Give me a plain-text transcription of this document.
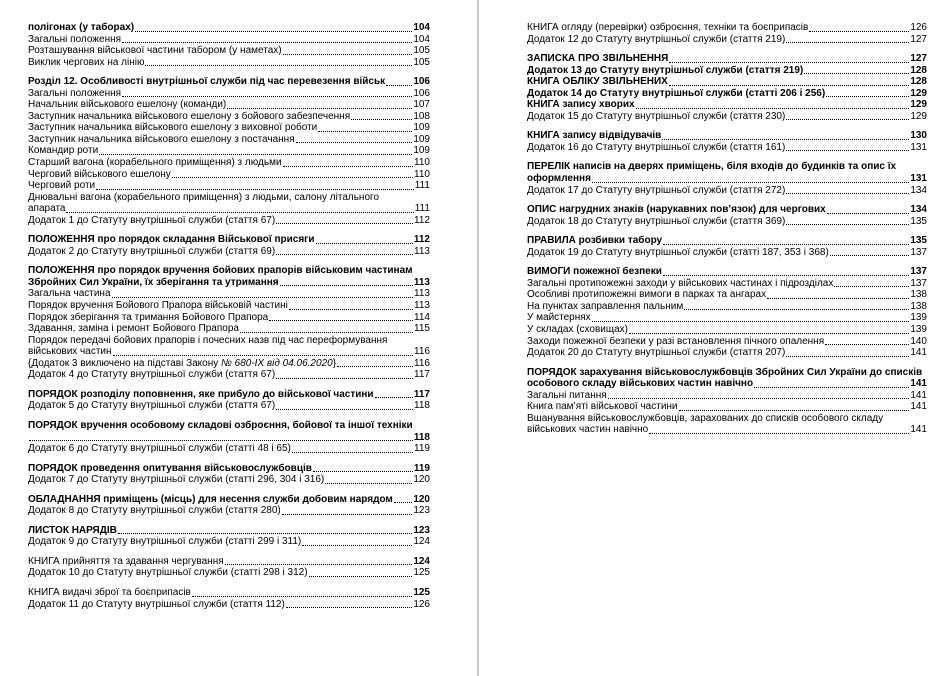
полігонах (у таборах)	104
Загальні положення	104
Розташування військової частини табором (у наметах)	105
Виклик чергових на лінію	105
Розділ 12. Особливості внутрішньої служби під час перевезення військ	106
Загальні положення	106
Начальник військового ешелону (команди)	107
Заступник начальника військового ешелону з бойового забезпечення	108
Заступник начальника військового ешелону з виховної роботи	109
Заступник начальника військового ешелону з постачання	109
Командир роти	109
Старший вагона (корабельного приміщення) з людьми	110
Черговий військового ешелону	110
Черговий роти	111
Днювальні вагона (корабельного приміщення) з людьми, салону літального
апарата	111
Додаток 1 до Статуту внутрішньої служби (стаття 67)	112
ПОЛОЖЕННЯ про порядок складання Військової присяги	112
Додаток 2 до Статуту внутрішньої служби (стаття 69)	113
ПОЛОЖЕННЯ про порядок вручення бойових прапорів військовим частинам
Збройних Сил України, їх зберігання та утримання	113
Загальна частина	113
Порядок вручення Бойового Прапора військовій частині	113
Порядок зберігання та тримання Бойового Прапора	114
Здавання, заміна і ремонт Бойового Прапора	115
Порядок передачі бойових прапорів і почесних назв під час переформування
військових частин	116
{Додаток 3 виключено на підставі Закону № 680-IX від 04.06.2020}	116
Додаток 4 до Статуту внутрішньої служби (стаття 67)	117
ПОРЯДОК розподілу поповнення, яке прибуло до військової частини	117
Додаток 5 до Статуту внутрішньої служби (стаття 67)	118
ПОРЯДОК вручення особовому складові озброєння, бойової та іншої техніки
118
Додаток 6 до Статуту внутрішньої служби (статті 48 і 65)	119
ПОРЯДОК проведення опитування військовослужбовців	119
Додаток 7 до Статуту внутрішньої служби (статті 296, 304 і 316)	120
ОБЛАДНАННЯ приміщень (місць) для несення служби добовим нарядом 120
Додаток 8 до Статуту внутрішньої служби (стаття 280)	123
ЛИСТОК НАРЯДІВ	123
Додаток 9 до Статуту внутрішньої служби (статті 299 і 311)	124
КНИГА прийняття та здавання чергування	124
Додаток 10 до Статуту внутрішньої служби (статті 298 і 312)	125
КНИГА видачі зброї та боєприпасів	125
Додаток 11 до Статуту внутрішньої служби (стаття 112)	126
КНИГА огляду (перевірки) озброєння, техніки та боєприпасів	126
Додаток 12 до Статуту внутрішньої служби (стаття 219)	127
ЗАПИСКА ПРО ЗВІЛЬНЕННЯ	127
Додаток 13 до Статуту внутрішньої служби (стаття 219)	128
КНИГА ОБЛІКУ ЗВІЛЬНЕНИХ	128
Додаток 14 до Статуту внутрішньої служби (статті 206 і 256)	129
КНИГА запису хворих	129
Додаток 15 до Статуту внутрішньої служби (стаття 230)	129
КНИГА запису відвідувачів	130
Додаток 16 до Статуту внутрішньої служби (стаття 161)	131
ПЕРЕЛІК написів на дверях приміщень, біля входів до будинків та опис їх
оформлення	131
Додаток 17 до Статуту внутрішньої служби (стаття 272)	134
ОПИС нагрудних знаків (нарукавних пов’язок) для чергових	134
Додаток 18 до Статуту внутрішньої служби (стаття 369)	135
ПРАВИЛА розбивки табору	135
Додаток 19 до Статуту внутрішньої служби (статті 187, 353 і 368)	137
ВИМОГИ пожежної безпеки	137
Загальні протипожежні заходи у військових частинах і підрозділах	137
Особливі протипожежні вимоги в парках та ангарах	138
На пунктах заправлення пальним	138
У майстернях	139
У складах (сховищах)	139
Заходи пожежної безпеки у разі встановлення пічного опалення	140
Додаток 20 до Статуту внутрішньої служби (стаття 207)	141
ПОРЯДОК зарахування військовослужбовців Збройних Сил України до списків
особового складу військових частин навічно	141
Загальні питання	141
Книга пам’яті військової частини	141
Вшанування військовослужбовців, зарахованих до списків особового складу
військових частин навічно	141
